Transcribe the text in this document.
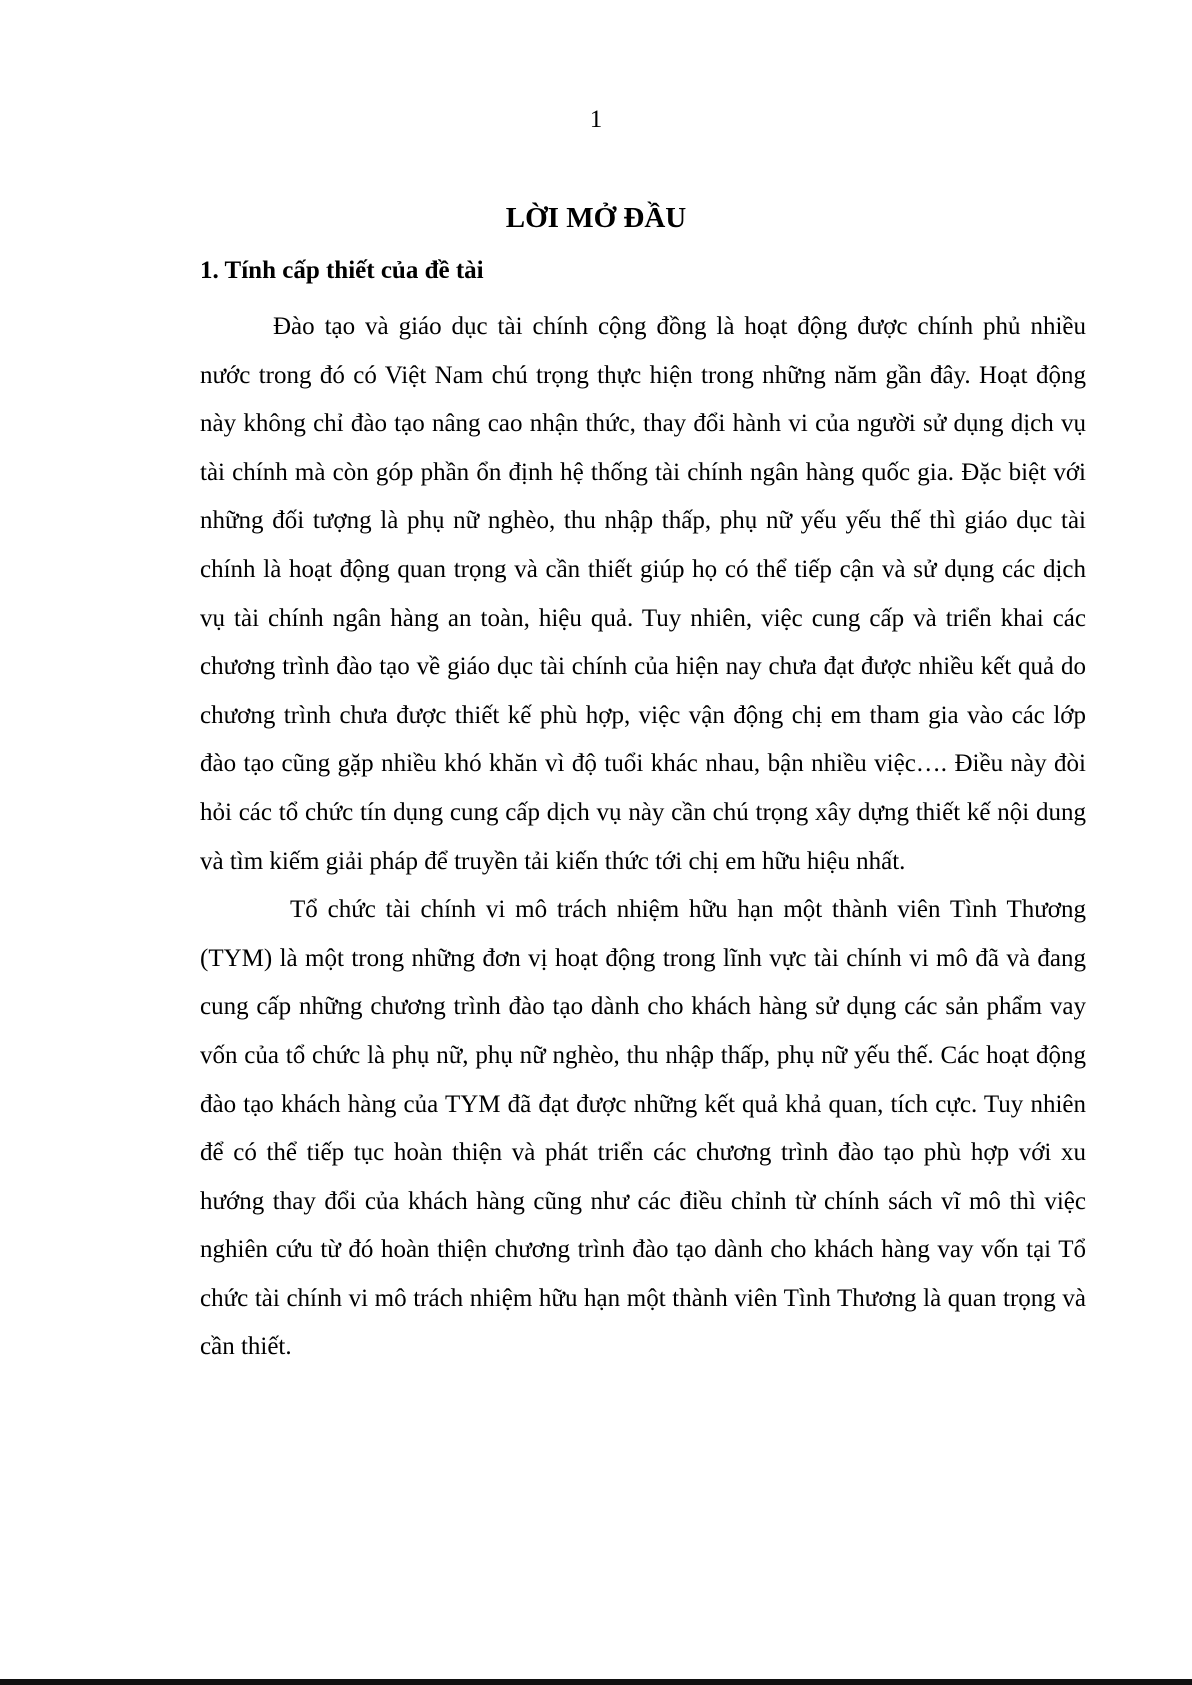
1
LỜI MỞ ĐẦU
1. Tính cấp thiết của đề tài

Đào tạo và giáo dục tài chính cộng đồng là hoạt động được chính phủ nhiều nước trong đó có Việt Nam chú trọng thực hiện trong những năm gần đây. Hoạt động này không chỉ đào tạo nâng cao nhận thức, thay đổi hành vi của người sử dụng dịch vụ tài chính mà còn góp phần ổn định hệ thống tài chính ngân hàng quốc gia. Đặc biệt với những đối tượng là phụ nữ nghèo, thu nhập thấp, phụ nữ yếu yếu thế thì giáo dục tài chính là hoạt động quan trọng và cần thiết giúp họ có thể tiếp cận và sử dụng các dịch vụ tài chính ngân hàng an toàn, hiệu quả. Tuy nhiên, việc cung cấp và triển khai các chương trình đào tạo về giáo dục tài chính của hiện nay chưa đạt được nhiều kết quả do chương trình chưa được thiết kế phù hợp, việc vận động chị em tham gia vào các lớp đào tạo cũng gặp nhiều khó khăn vì độ tuổi khác nhau, bận nhiều việc…. Điều này đòi hỏi các tổ chức tín dụng cung cấp dịch vụ này cần chú trọng xây dựng thiết kế nội dung và tìm kiếm giải pháp để truyền tải kiến thức tới chị em hữu hiệu nhất.

Tổ chức tài chính vi mô trách nhiệm hữu hạn một thành viên Tình Thương (TYM) là một trong những đơn vị hoạt động trong lĩnh vực tài chính vi mô đã và đang cung cấp những chương trình đào tạo dành cho khách hàng sử dụng các sản phẩm vay vốn của tổ chức là phụ nữ, phụ nữ nghèo, thu nhập thấp, phụ nữ yếu thế. Các hoạt động đào tạo khách hàng của TYM đã đạt được những kết quả khả quan, tích cực. Tuy nhiên để có thể tiếp tục hoàn thiện và phát triển các chương trình đào tạo phù hợp với xu hướng thay đổi của khách hàng cũng như các điều chỉnh từ chính sách vĩ mô thì việc nghiên cứu từ đó hoàn thiện chương trình đào tạo dành cho khách hàng vay vốn tại Tổ chức tài chính vi mô trách nhiệm hữu hạn một thành viên Tình Thương là quan trọng và cần thiết.
